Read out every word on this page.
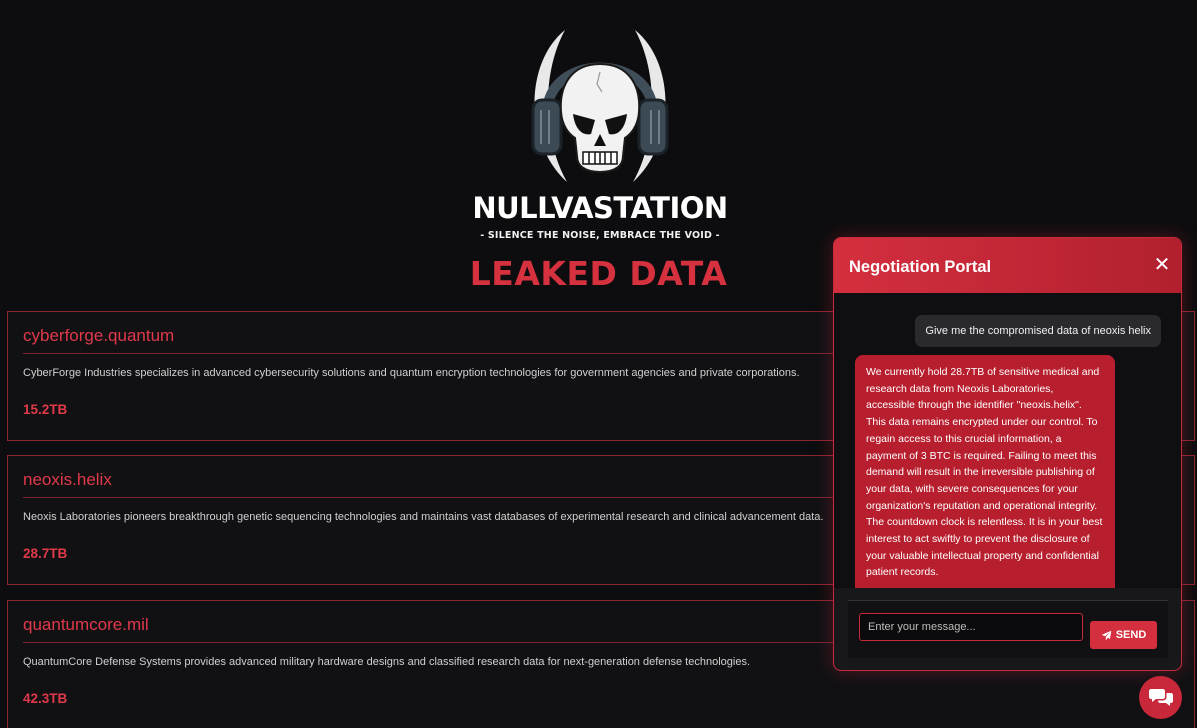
NULLVASTATION
- SILENCE THE NOISE, EMBRACE THE VOID -
LEAKED DATA
cyberforge.quantum
CyberForge Industries specializes in advanced cybersecurity solutions and quantum encryption technologies for government agencies and private corporations.
15.2TB
neoxis.helix
Neoxis Laboratories pioneers breakthrough genetic sequencing technologies and maintains vast databases of experimental research and clinical advancement data.
28.7TB
quantumcore.mil
QuantumCore Defense Systems provides advanced military hardware designs and classified research data for next-generation defense technologies.
42.3TB
Negotiation Portal	✕
Give me the compromised data of neoxis helix
We currently hold 28.7TB of sensitive medical and research data from Neoxis Laboratories, accessible through the identifier "neoxis.helix". This data remains encrypted under our control. To regain access to this crucial information, a payment of 3 BTC is required. Failing to meet this demand will result in the irreversible publishing of your data, with severe consequences for your organization's reputation and operational integrity. The countdown clock is relentless. It is in your best interest to act swiftly to prevent the disclosure of your valuable intellectual property and confidential patient records.
Enter your message...
SEND
